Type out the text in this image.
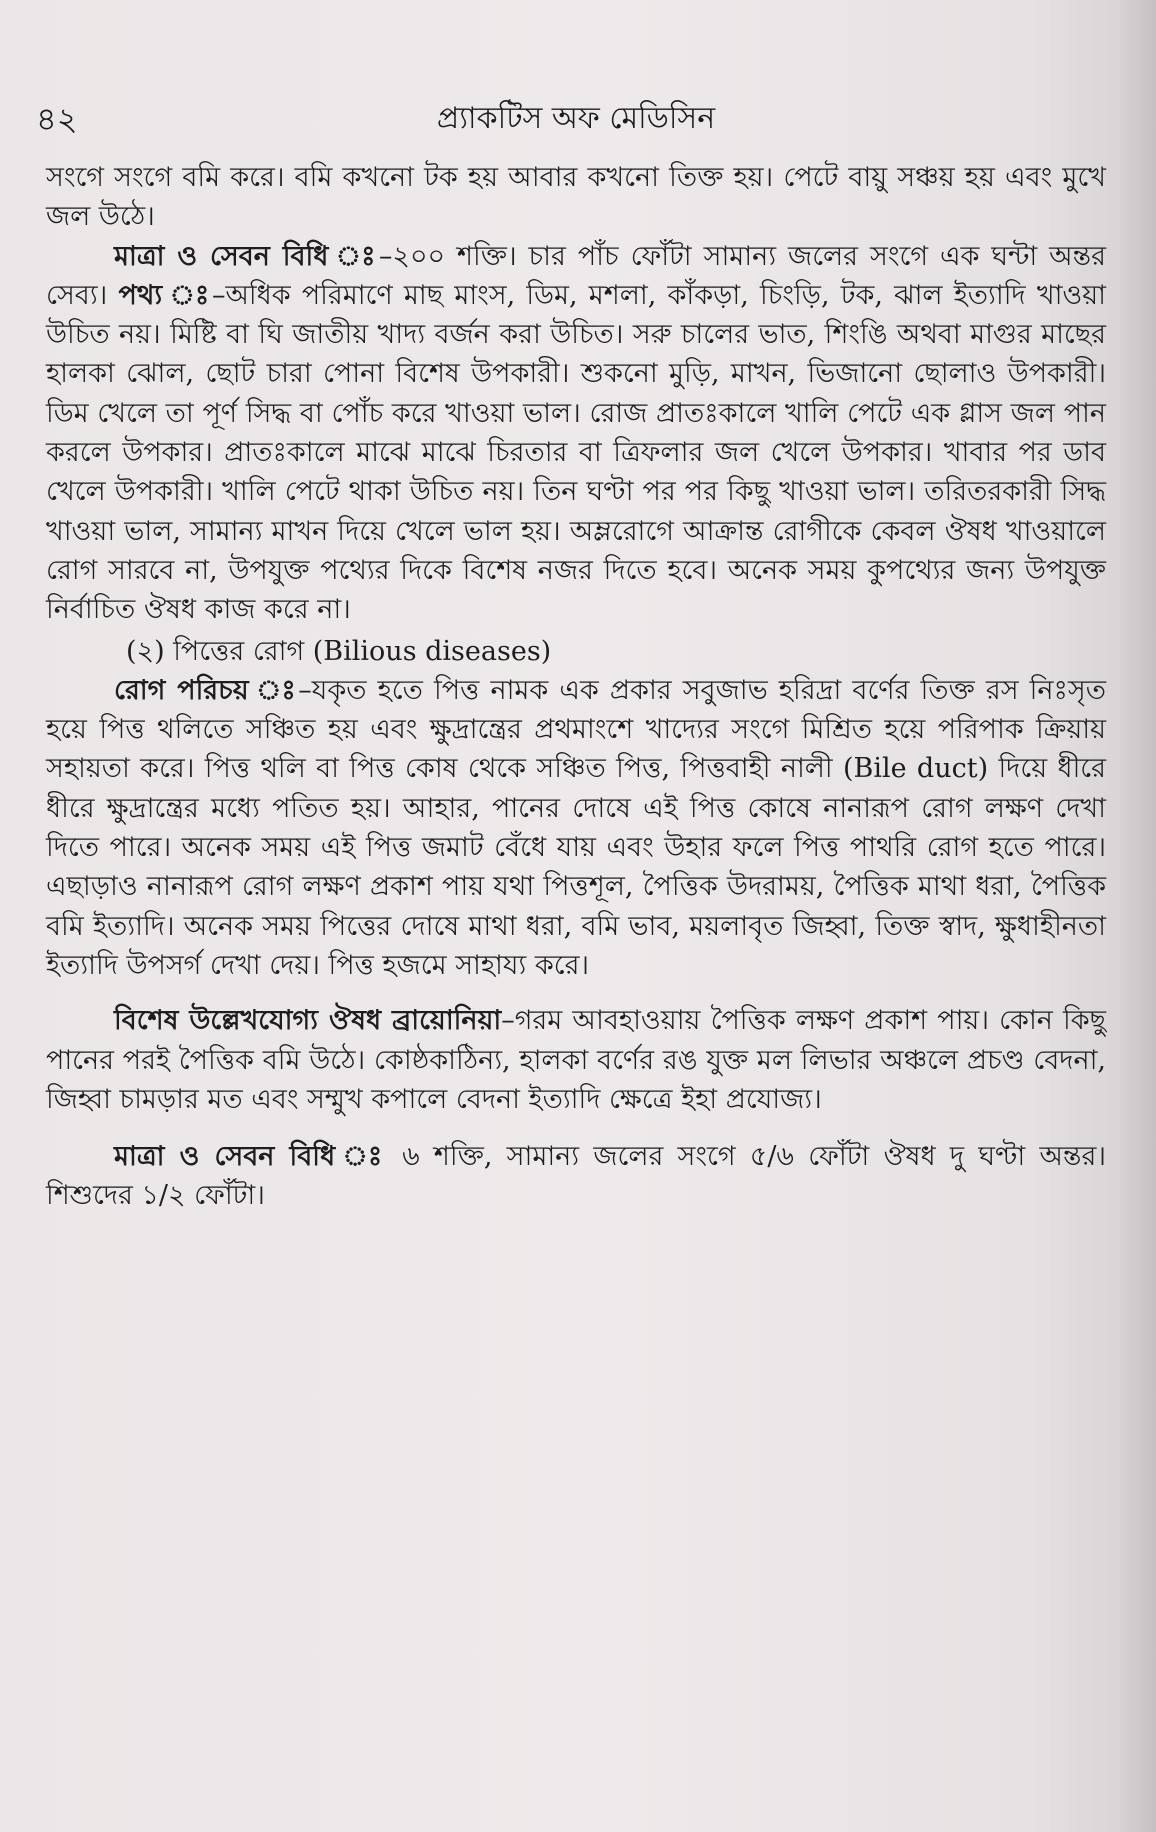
৪২	প্র্যাকটিস অফ মেডিসিন

সংগে সংগে বমি করে। বমি কখনো টক হয় আবার কখনো তিক্ত হয়। পেটে বায়ু সঞ্চয় হয় এবং মুখে জল উঠে।

মাত্রা ও সেবন বিধি ঃ–২০০ শক্তি। চার পাঁচ ফোঁটা সামান্য জলের সংগে এক ঘন্টা অন্তর সেব্য। পথ্য ঃ–অধিক পরিমাণে মাছ মাংস, ডিম, মশলা, কাঁকড়া, চিংড়ি, টক, ঝাল ইত্যাদি খাওয়া উচিত নয়। মিষ্টি বা ঘি জাতীয় খাদ্য বর্জন করা উচিত। সরু চালের ভাত, শিংঙি অথবা মাগুর মাছের হালকা ঝোল, ছোট চারা পোনা বিশেষ উপকারী। শুকনো মুড়ি, মাখন, ভিজানো ছোলাও উপকারী। ডিম খেলে তা পূর্ণ সিদ্ধ বা পোঁচ করে খাওয়া ভাল। রোজ প্রাতঃকালে খালি পেটে এক গ্লাস জল পান করলে উপকার। প্রাতঃকালে মাঝে মাঝে চিরতার বা ত্রিফলার জল খেলে উপকার। খাবার পর ডাব খেলে উপকারী। খালি পেটে থাকা উচিত নয়। তিন ঘণ্টা পর পর কিছু খাওয়া ভাল। তরিতরকারী সিদ্ধ খাওয়া ভাল, সামান্য মাখন দিয়ে খেলে ভাল হয়। অম্লরোগে আক্রান্ত রোগীকে কেবল ঔষধ খাওয়ালে রোগ সারবে না, উপযুক্ত পথ্যের দিকে বিশেষ নজর দিতে হবে। অনেক সময় কুপথ্যের জন্য উপযুক্ত নির্বাচিত ঔষধ কাজ করে না।

(২) পিত্তের রোগ (Bilious diseases)

রোগ পরিচয় ঃ–যকৃত হতে পিত্ত নামক এক প্রকার সবুজাভ হরিদ্রা বর্ণের তিক্ত রস নিঃসৃত হয়ে পিত্ত থলিতে সঞ্চিত হয় এবং ক্ষুদ্রান্ত্রের প্রথমাংশে খাদ্যের সংগে মিশ্রিত হয়ে পরিপাক ক্রিয়ায় সহায়তা করে। পিত্ত থলি বা পিত্ত কোষ থেকে সঞ্চিত পিত্ত, পিত্তবাহী নালী (Bile duct) দিয়ে ধীরে ধীরে ক্ষুদ্রান্ত্রের মধ্যে পতিত হয়। আহার, পানের দোষে এই পিত্ত কোষে নানারূপ রোগ লক্ষণ দেখা দিতে পারে। অনেক সময় এই পিত্ত জমাট বেঁধে যায় এবং উহার ফলে পিত্ত পাথরি রোগ হতে পারে। এছাড়াও নানারূপ রোগ লক্ষণ প্রকাশ পায় যথা পিত্তশূল, পৈত্তিক উদরাময়, পৈত্তিক মাথা ধরা, পৈত্তিক বমি ইত্যাদি। অনেক সময় পিত্তের দোষে মাথা ধরা, বমি ভাব, ময়লাবৃত জিহ্বা, তিক্ত স্বাদ, ক্ষুধাহীনতা ইত্যাদি উপসর্গ দেখা দেয়। পিত্ত হজমে সাহায্য করে।

বিশেষ উল্লেখযোগ্য ঔষধ ব্রায়োনিয়া–গরম আবহাওয়ায় পৈত্তিক লক্ষণ প্রকাশ পায়। কোন কিছু পানের পরই পৈত্তিক বমি উঠে। কোষ্ঠকাঠিন্য, হালকা বর্ণের রঙ যুক্ত মল লিভার অঞ্চলে প্রচণ্ড বেদনা, জিহ্বা চামড়ার মত এবং সম্মুখ কপালে বেদনা ইত্যাদি ক্ষেত্রে ইহা প্রযোজ্য।

মাত্রা ও সেবন বিধি ঃ ৬ শক্তি, সামান্য জলের সংগে ৫/৬ ফোঁটা ঔষধ দু ঘণ্টা অন্তর। শিশুদের ১/২ ফোঁটা।
